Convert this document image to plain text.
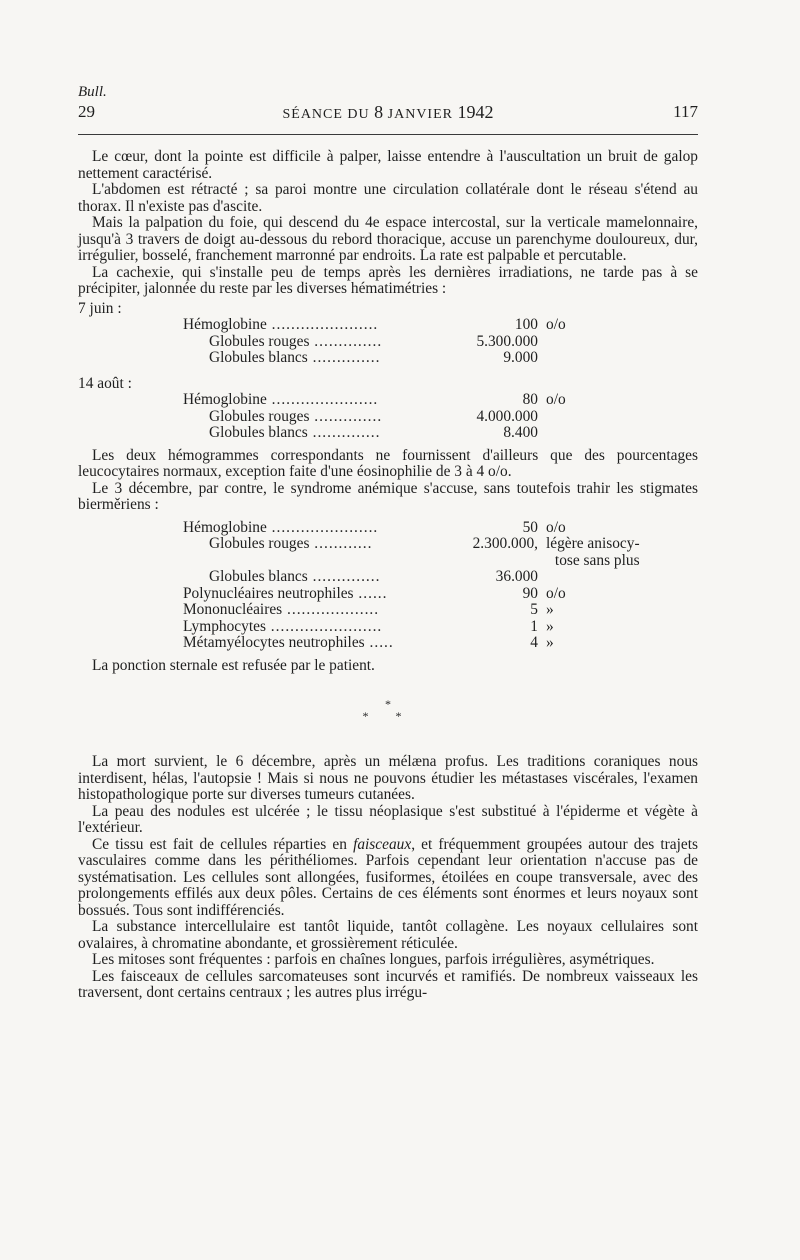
Bull.
29	SÉANCE DU 8 JANVIER 1942	117

Le cœur, dont la pointe est difficile à palper, laisse entendre à l'auscultation un bruit de galop nettement caractérisé.

L'abdomen est rétracté ; sa paroi montre une circulation collatérale dont le réseau s'étend au thorax. Il n'existe pas d'ascite.

Mais la palpation du foie, qui descend du 4e espace intercostal, sur la verticale mamelonnaire, jusqu'à 3 travers de doigt au-dessous du rebord thoracique, accuse un parenchyme douloureux, dur, irrégulier, bosselé, franchement marronné par endroits. La rate est palpable et percutable.

La cachexie, qui s'installe peu de temps après les dernières irradiations, ne tarde pas à se précipiter, jalonnée du reste par les diverses hématimétries :

7 juin :
Hémoglobine ......................	100	o/o
Globules rouges ..............	5.300.000	
Globules blancs ..............	9.000	
14 août :
Hémoglobine ......................	80	o/o
Globules rouges ..............	4.000.000	
Globules blancs ..............	8.400	

Les deux hémogrammes correspondants ne fournissent d'ailleurs que des pourcentages leucocytaires normaux, exception faite d'une éosinophilie de 3 à 4 o/o.

Le 3 décembre, par contre, le syndrome anémique s'accuse, sans toutefois trahir les stigmates bierměriens :

Hémoglobine ......................	50	o/o
Globules rouges ............	2.300.000,	légère anisocy-
		tose sans plus
Globules blancs ..............	36.000	
Polynucléaires neutrophiles ......	90	o/o
Mononucléaires ...................	5	»
Lymphocytes .......................	1	»
Métamyélocytes neutrophiles .....	4	»

La ponction sternale est refusée par le patient.

*
* *

La mort survient, le 6 décembre, après un mélæna profus. Les traditions coraniques nous interdisent, hélas, l'autopsie ! Mais si nous ne pouvons étudier les métastases viscérales, l'examen histopathologique porte sur diverses tumeurs cutanées.

La peau des nodules est ulcérée ; le tissu néoplasique s'est substitué à l'épiderme et végète à l'extérieur.

Ce tissu est fait de cellules réparties en faisceaux, et fréquemment groupées autour des trajets vasculaires comme dans les périthéliomes. Parfois cependant leur orientation n'accuse pas de systématisation. Les cellules sont allongées, fusiformes, étoilées en coupe transversale, avec des prolongements effilés aux deux pôles. Certains de ces éléments sont énormes et leurs noyaux sont bossués. Tous sont indifférenciés.

La substance intercellulaire est tantôt liquide, tantôt collagène. Les noyaux cellulaires sont ovalaires, à chromatine abondante, et grossièrement réticulée.

Les mitoses sont fréquentes : parfois en chaînes longues, parfois irrégulières, asymétriques.

Les faisceaux de cellules sarcomateuses sont incurvés et ramifiés. De nombreux vaisseaux les traversent, dont certains centraux ; les autres plus irrégu-
